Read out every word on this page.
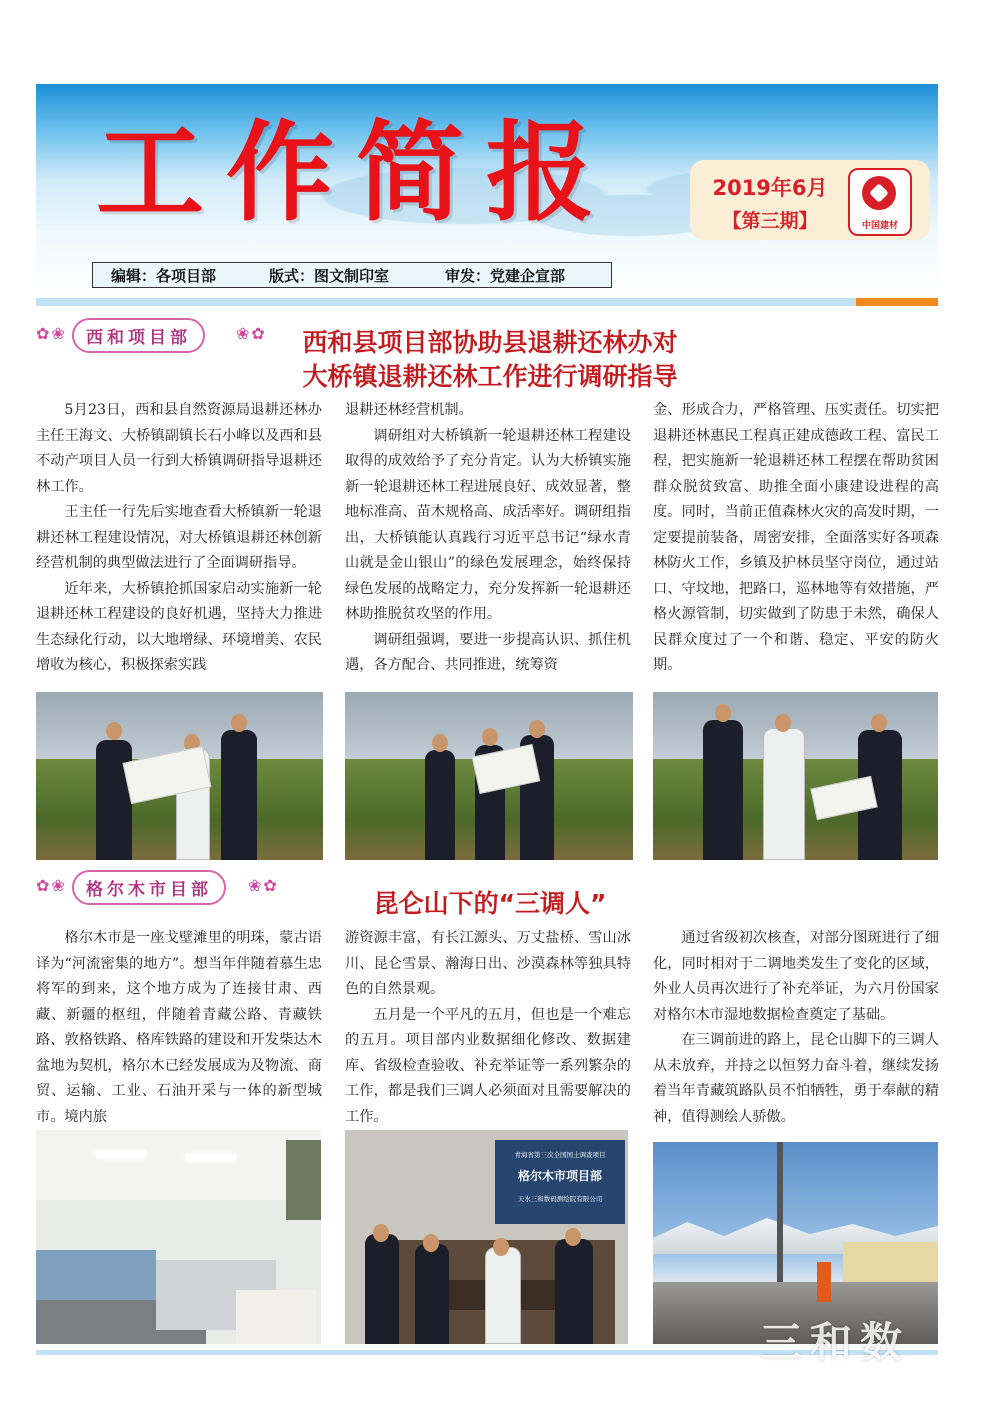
工作简报	2019年6月
【第三期】	中国建材
编辑：各项目部	版式：图文制印室	审发：党建企宣部
✿❀	西和项目部	❀✿	西和县项目部协助县退耕还林办对
大桥镇退耕还林工作进行调研指导

5月23日，西和县自然资源局退耕还林办主任王海文、大桥镇副镇长石小峰以及西和县不动产项目人员一行到大桥镇调研指导退耕还林工作。

王主任一行先后实地查看大桥镇新一轮退耕还林工程建设情况，对大桥镇退耕还林创新经营机制的典型做法进行了全面调研指导。

近年来，大桥镇抢抓国家启动实施新一轮退耕还林工程建设的良好机遇，坚持大力推进生态绿化行动，以大地增绿、环境增美、农民增收为核心，积极探索实践

退耕还林经营机制。

调研组对大桥镇新一轮退耕还林工程建设取得的成效给予了充分肯定。认为大桥镇实施新一轮退耕还林工程进展良好、成效显著，整地标准高、苗木规格高、成活率好。调研组指出，大桥镇能认真践行习近平总书记“绿水青山就是金山银山”的绿色发展理念，始终保持绿色发展的战略定力，充分发挥新一轮退耕还林助推脱贫攻坚的作用。

调研组强调，要进一步提高认识、抓住机遇，各方配合、共同推进，统筹资

金、形成合力，严格管理、压实责任。切实把退耕还林惠民工程真正建成德政工程、富民工程，把实施新一轮退耕还林工程摆在帮助贫困群众脱贫致富、助推全面小康建设进程的高度。同时，当前正值森林火灾的高发时期，一定要提前装备，周密安排，全面落实好各项森林防火工作，乡镇及护林员坚守岗位，通过站口、守坟地，把路口，巡林地等有效措施，严格火源管制，切实做到了防患于未然，确保人民群众度过了一个和谐、稳定、平安的防火期。

✿❀	格尔木市目部	❀✿
昆仑山下的“三调人”

格尔木市是一座戈壁滩里的明珠，蒙古语译为“河流密集的地方”。想当年伴随着慕生忠将军的到来，这个地方成为了连接甘肃、西藏、新疆的枢纽，伴随着青藏公路、青藏铁路、敦格铁路、格库铁路的建设和开发柴达木盆地为契机，格尔木已经发展成为及物流、商贸、运输、工业、石油开采与一体的新型城市。境内旅

游资源丰富，有长江源头、万丈盐桥、雪山冰川、昆仑雪景、瀚海日出、沙漠森林等独具特色的自然景观。

五月是一个平凡的五月，但也是一个难忘的五月。项目部内业数据细化修改、数据建库、省级检查验收、补充举证等一系列繁杂的工作，都是我们三调人必须面对且需要解决的工作。

通过省级初次核查，对部分图斑进行了细化，同时相对于二调地类发生了变化的区域，外业人员再次进行了补充举证，为六月份国家对格尔木市湿地数据检查奠定了基础。

在三调前进的路上，昆仑山脚下的三调人从未放弃，并持之以恒努力奋斗着，继续发扬着当年青藏筑路队员不怕牺牲，勇于奉献的精神，值得测绘人骄傲。

青海省第三次全国国土调查项目
格尔木市项目部
天水三和数码测绘院有限公司
三和数
